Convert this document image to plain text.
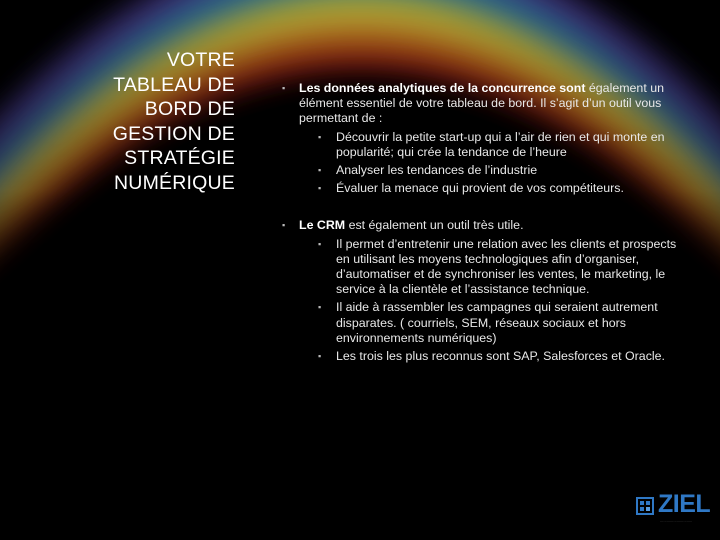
VOTRE
TABLEAU DE
BORD DE
GESTION DE
STRATÉGIE
NUMÉRIQUE
▪ Les données analytiques de la concurrence sont également un élément essentiel de votre tableau de bord. Il s’agit d’un outil vous permettant de :
▪ Découvrir la petite start-up qui a l’air de rien et qui monte en popularité; qui crée la tendance de l’heure
▪ Analyser les tendances de l’industrie
▪ Évaluer la menace qui provient de vos compétiteurs.
▪ Le CRM est également un outil très utile.
▪ Il permet d’entretenir une relation avec les clients et prospects en utilisant les moyens technologiques afin d’organiser, d’automatiser et de synchroniser les ventes, le marketing, le service à la clientèle et l’assistance technique.
▪ Il aide à rassembler les campagnes qui seraient autrement disparates. ( courriels, SEM, réseaux sociaux et hors environnements numériques)
▪ Les trois les plus reconnus sont SAP, Salesforces et Oracle.
ZIEL
.............................
